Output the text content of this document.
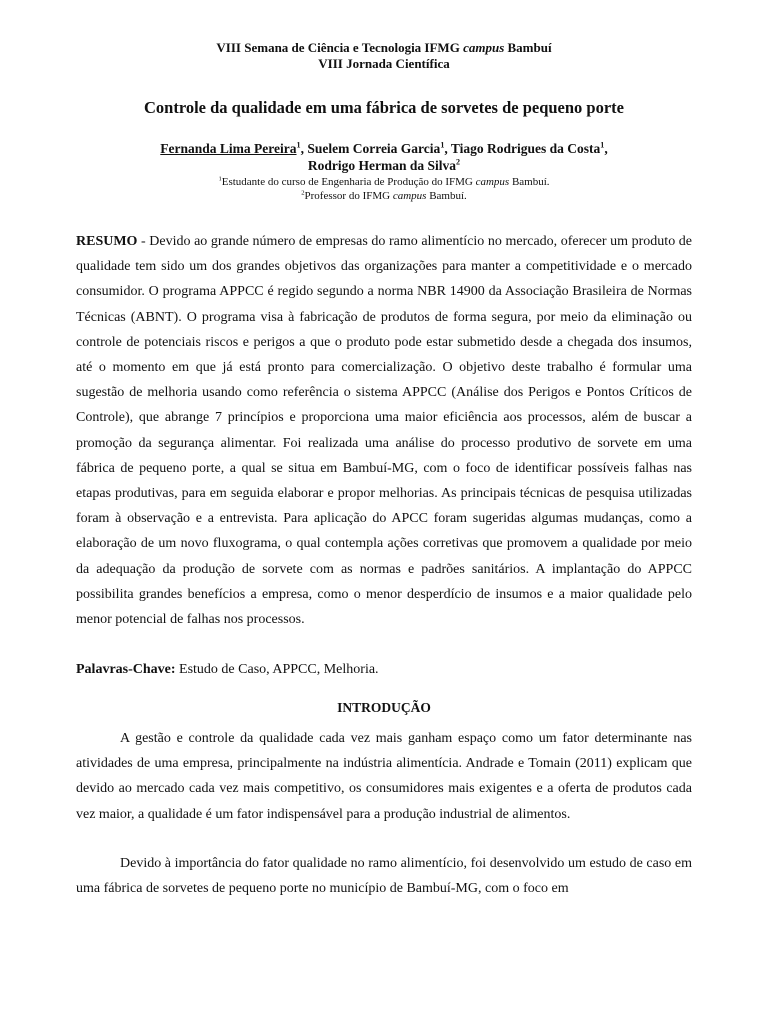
VIII Semana de Ciência e Tecnologia IFMG campus Bambuí
VIII Jornada Científica
Controle da qualidade em uma fábrica de sorvetes de pequeno porte
Fernanda Lima Pereira$^1$, Suelem Correia Garcia$^1$, Tiago Rodrigues da Costa$^1$,
Rodrigo Herman da Silva$^2$
$^1$Estudante do curso de Engenharia de Produção do IFMG campus Bambuí.
$^2$Professor do IFMG campus Bambuí.

RESUMO - Devido ao grande número de empresas do ramo alimentício no mercado, oferecer um produto de qualidade tem sido um dos grandes objetivos das organizações para manter a competitividade e o mercado consumidor. O programa APPCC é regido segundo a norma NBR 14900 da Associação Brasileira de Normas Técnicas (ABNT). O programa visa à fabricação de produtos de forma segura, por meio da eliminação ou controle de potenciais riscos e perigos a que o produto pode estar submetido desde a chegada dos insumos, até o momento em que já está pronto para comercialização. O objetivo deste trabalho é formular uma sugestão de melhoria usando como referência o sistema APPCC (Análise dos Perigos e Pontos Críticos de Controle), que abrange 7 princípios e proporciona uma maior eficiência aos processos, além de buscar a promoção da segurança alimentar. Foi realizada uma análise do processo produtivo de sorvete em uma fábrica de pequeno porte, a qual se situa em Bambuí-MG, com o foco de identificar possíveis falhas nas etapas produtivas, para em seguida elaborar e propor melhorias. As principais técnicas de pesquisa utilizadas foram à observação e a entrevista. Para aplicação do APCC foram sugeridas algumas mudanças, como a elaboração de um novo fluxograma, o qual contempla ações corretivas que promovem a qualidade por meio da adequação da produção de sorvete com as normas e padrões sanitários. A implantação do APPCC possibilita grandes benefícios a empresa, como o menor desperdício de insumos e a maior qualidade pelo menor potencial de falhas nos processos.

Palavras-Chave: Estudo de Caso, APPCC, Melhoria.
INTRODUÇÃO

A gestão e controle da qualidade cada vez mais ganham espaço como um fator determinante nas atividades de uma empresa, principalmente na indústria alimentícia. Andrade e Tomain (2011) explicam que devido ao mercado cada vez mais competitivo, os consumidores mais exigentes e a oferta de produtos cada vez maior, a qualidade é um fator indispensável para a produção industrial de alimentos.

Devido à importância do fator qualidade no ramo alimentício, foi desenvolvido um estudo de caso em uma fábrica de sorvetes de pequeno porte no município de Bambuí-MG, com o foco em
